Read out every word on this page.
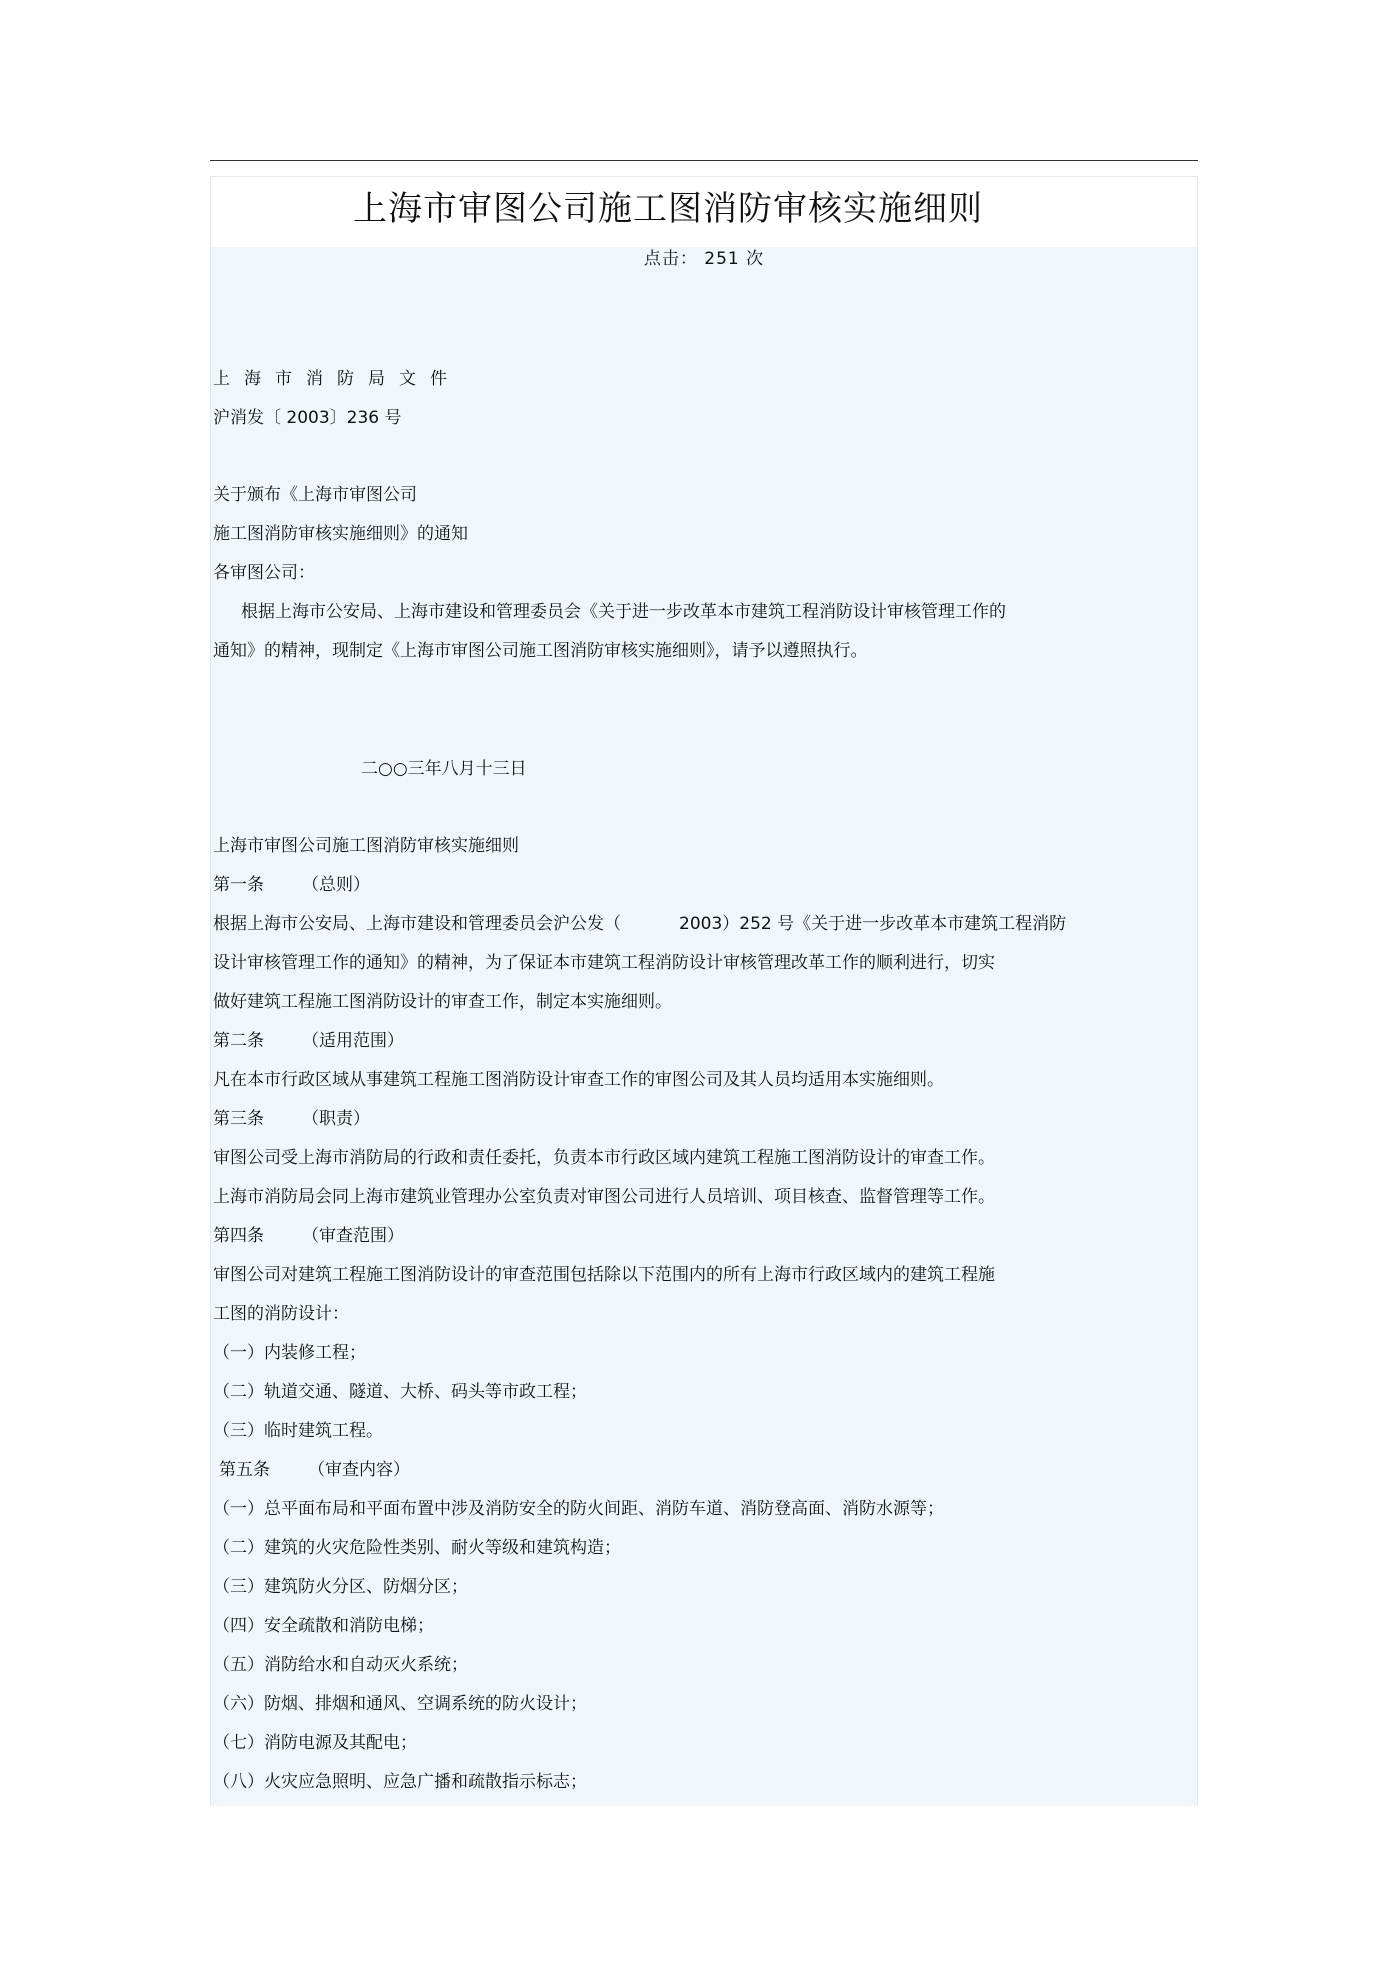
上海市审图公司施工图消防审核实施细则
点击： 251 次
上海市消防局文件
沪消发〔 2003〕236 号
关于颁布《上海市审图公司
施工图消防审核实施细则》的通知
各审图公司：
根据上海市公安局、上海市建设和管理委员会《关于进一步改革本市建筑工程消防设计审核管理工作的
通知》的精神，现制定《上海市审图公司施工图消防审核实施细则》，请予以遵照执行。
二○○三年八月十三日
上海市审图公司施工图消防审核实施细则
第一条 （总则）
根据上海市公安局、上海市建设和管理委员会沪公发（	2003）252 号《关于进一步改革本市建筑工程消防
设计审核管理工作的通知》的精神，为了保证本市建筑工程消防设计审核管理改革工作的顺利进行，切实
做好建筑工程施工图消防设计的审查工作，制定本实施细则。
第二条 （适用范围）
凡在本市行政区域从事建筑工程施工图消防设计审查工作的审图公司及其人员均适用本实施细则。
第三条 （职责）
审图公司受上海市消防局的行政和责任委托，负责本市行政区域内建筑工程施工图消防设计的审查工作。
上海市消防局会同上海市建筑业管理办公室负责对审图公司进行人员培训、项目核查、监督管理等工作。
第四条 （审查范围）
审图公司对建筑工程施工图消防设计的审查范围包括除以下范围内的所有上海市行政区域内的建筑工程施
工图的消防设计：
（一）内装修工程；
（二）轨道交通、隧道、大桥、码头等市政工程；
（三）临时建筑工程。
第五条 （审查内容）
（一）总平面布局和平面布置中涉及消防安全的防火间距、消防车道、消防登高面、消防水源等；
（二）建筑的火灾危险性类别、耐火等级和建筑构造；
（三）建筑防火分区、防烟分区；
（四）安全疏散和消防电梯；
（五）消防给水和自动灭火系统；
（六）防烟、排烟和通风、空调系统的防火设计；
（七）消防电源及其配电；
（八）火灾应急照明、应急广播和疏散指示标志；
